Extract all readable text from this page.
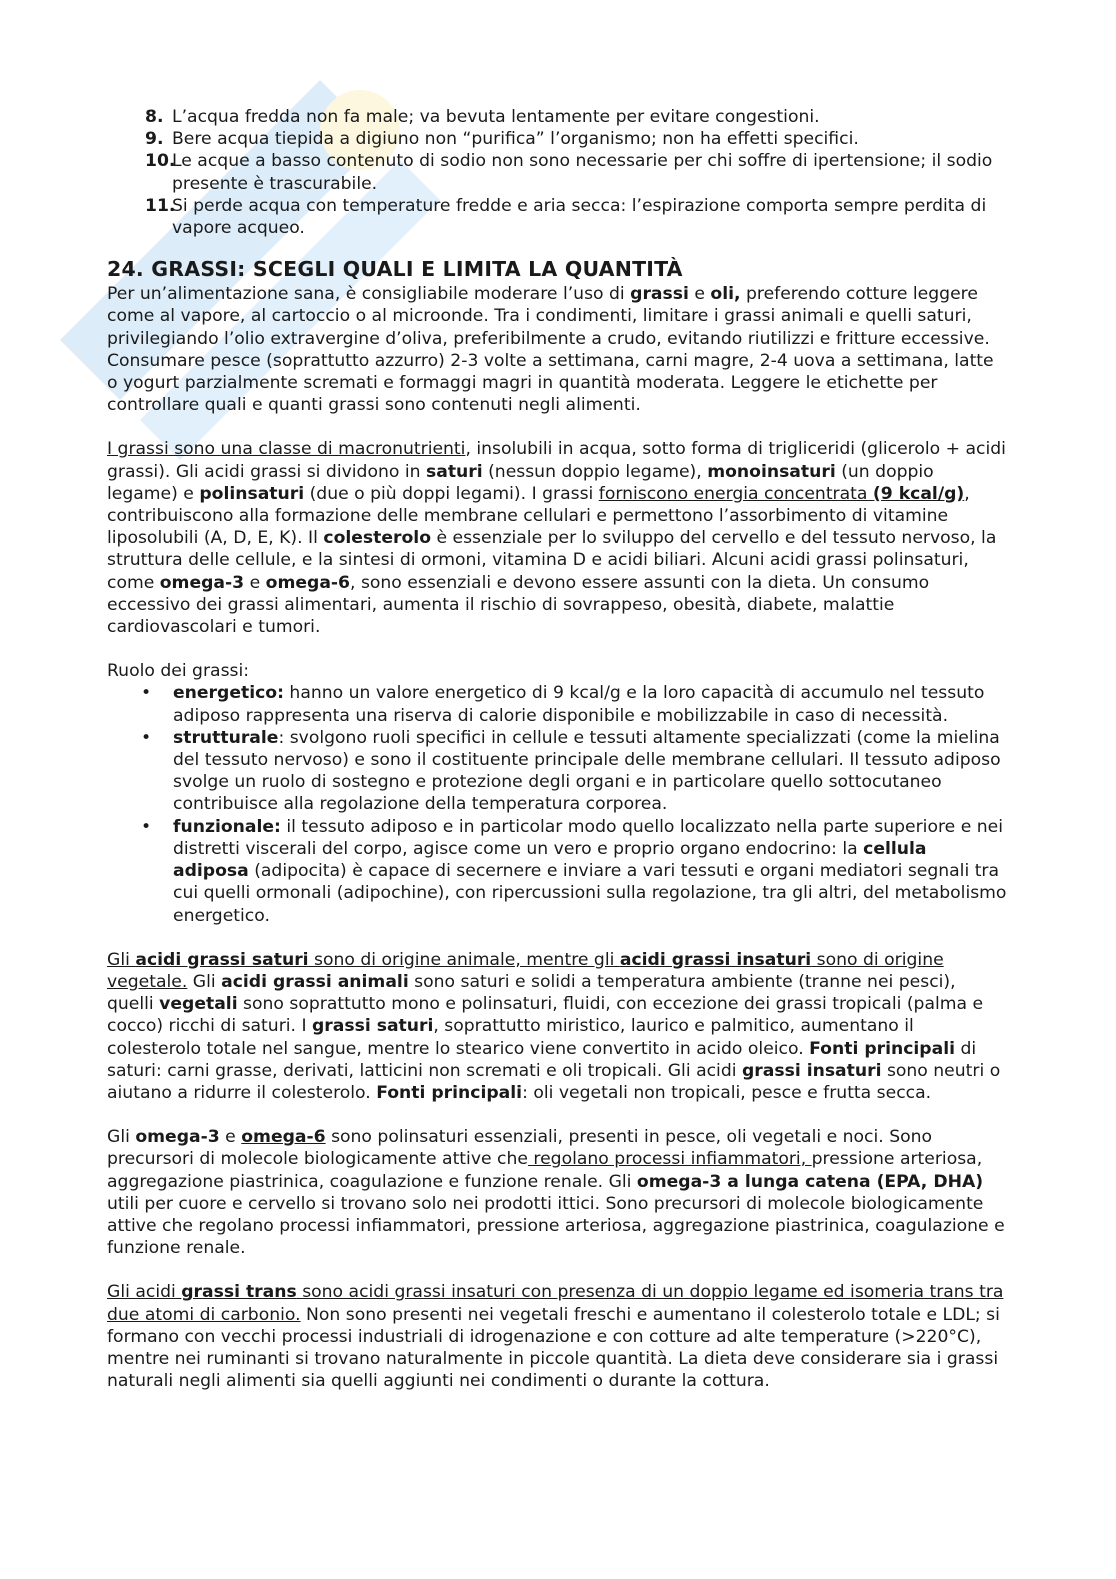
8. L’acqua fredda non fa male; va bevuta lentamente per evitare congestioni.
9. Bere acqua tiepida a digiuno non “purifica” l’organismo; non ha effetti specifici.
10.
Le acque a basso contenuto di sodio non sono necessarie per chi soffre di ipertensione; il sodio presente è trascurabile.
11.
Si perde acqua con temperature fredde e aria secca: l’espirazione comporta sempre perdita di vapore acqueo.
24. GRASSI: SCEGLI QUALI E LIMITA LA QUANTITÀ

Per un’alimentazione sana, è consigliabile moderare l’uso di grassi e oli, preferendo cotture leggere come al vapore, al cartoccio o al microonde. Tra i condimenti, limitare i grassi animali e quelli saturi, privilegiando l’olio extravergine d’oliva, preferibilmente a crudo, evitando riutilizzi e fritture eccessive. Consumare pesce (soprattutto azzurro) 2-3 volte a settimana, carni magre, 2-4 uova a settimana, latte o yogurt parzialmente scremati e formaggi magri in quantità moderata. Leggere le etichette per controllare quali e quanti grassi sono contenuti negli alimenti.

I grassi sono una classe di macronutrienti, insolubili in acqua, sotto forma di trigliceridi (glicerolo + acidi grassi). Gli acidi grassi si dividono in saturi (nessun doppio legame), monoinsaturi (un doppio legame) e polinsaturi (due o più doppi legami). I grassi forniscono energia concentrata (9 kcal/g), contribuiscono alla formazione delle membrane cellulari e permettono l’assorbimento di vitamine liposolubili (A, D, E, K). Il colesterolo è essenziale per lo sviluppo del cervello e del tessuto nervoso, la struttura delle cellule, e la sintesi di ormoni, vitamina D e acidi biliari. Alcuni acidi grassi polinsaturi, come omega-3 e omega-6, sono essenziali e devono essere assunti con la dieta. Un consumo eccessivo dei grassi alimentari, aumenta il rischio di sovrappeso, obesità, diabete, malattie cardiovascolari e tumori.

Ruolo dei grassi:

• energetico: hanno un valore energetico di 9 kcal/g e la loro capacità di accumulo nel tessuto adiposo rappresenta una riserva di calorie disponibile e mobilizzabile in caso di necessità.
• strutturale: svolgono ruoli specifici in cellule e tessuti altamente specializzati (come la mielina del tessuto nervoso) e sono il costituente principale delle membrane cellulari. Il tessuto adiposo svolge un ruolo di sostegno e protezione degli organi e in particolare quello sottocutaneo contribuisce alla regolazione della temperatura corporea.
• funzionale: il tessuto adiposo e in particolar modo quello localizzato nella parte superiore e nei distretti viscerali del corpo, agisce come un vero e proprio organo endocrino: la cellula adiposa (adipocita) è capace di secernere e inviare a vari tessuti e organi mediatori segnali tra cui quelli ormonali (adipochine), con ripercussioni sulla regolazione, tra gli altri, del metabolismo energetico.

Gli acidi grassi saturi sono di origine animale, mentre gli acidi grassi insaturi sono di origine vegetale. Gli acidi grassi animali sono saturi e solidi a temperatura ambiente (tranne nei pesci), quelli vegetali sono soprattutto mono e polinsaturi, fluidi, con eccezione dei grassi tropicali (palma e cocco) ricchi di saturi. I grassi saturi, soprattutto miristico, laurico e palmitico, aumentano il colesterolo totale nel sangue, mentre lo stearico viene convertito in acido oleico. Fonti principali di saturi: carni grasse, derivati, latticini non scremati e oli tropicali. Gli acidi grassi insaturi sono neutri o aiutano a ridurre il colesterolo. Fonti principali: oli vegetali non tropicali, pesce e frutta secca.

Gli omega-3 e omega-6 sono polinsaturi essenziali, presenti in pesce, oli vegetali e noci. Sono precursori di molecole biologicamente attive che regolano processi infiammatori, pressione arteriosa, aggregazione piastrinica, coagulazione e funzione renale. Gli omega-3 a lunga catena (EPA, DHA) utili per cuore e cervello si trovano solo nei prodotti ittici. Sono precursori di molecole biologicamente attive che regolano processi infiammatori, pressione arteriosa, aggregazione piastrinica, coagulazione e funzione renale.

Gli acidi grassi trans sono acidi grassi insaturi con presenza di un doppio legame ed isomeria trans tra due atomi di carbonio. Non sono presenti nei vegetali freschi e aumentano il colesterolo totale e LDL; si formano con vecchi processi industriali di idrogenazione e con cotture ad alte temperature (>220°C), mentre nei ruminanti si trovano naturalmente in piccole quantità. La dieta deve considerare sia i grassi naturali negli alimenti sia quelli aggiunti nei condimenti o durante la cottura.
